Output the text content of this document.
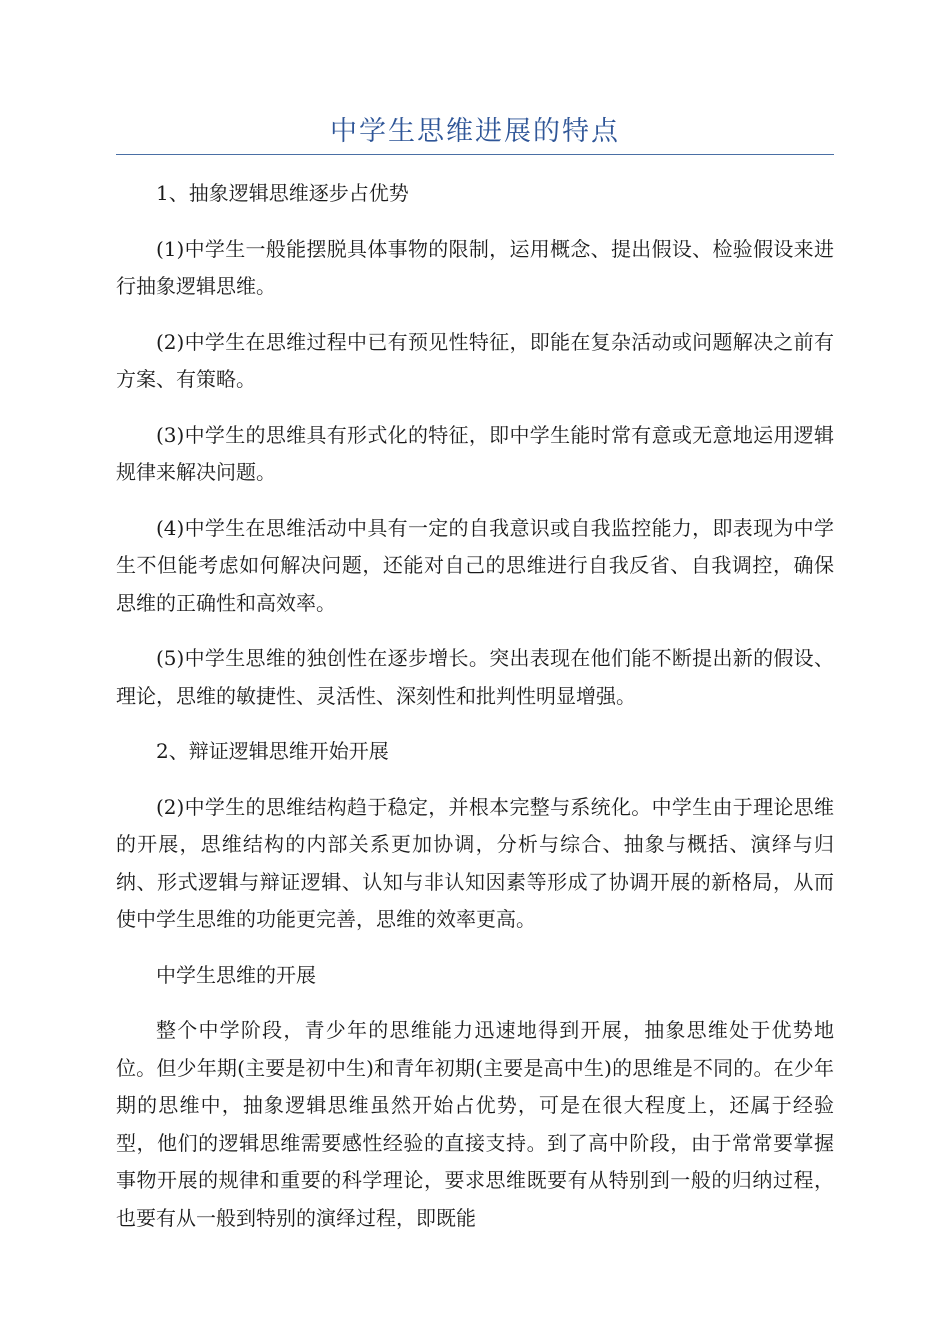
中学生思维进展的特点

1、抽象逻辑思维逐步占优势

(1)中学生一般能摆脱具体事物的限制，运用概念、提出假设、检验假设来进行抽象逻辑思维。

(2)中学生在思维过程中已有预见性特征，即能在复杂活动或问题解决之前有方案、有策略。

(3)中学生的思维具有形式化的特征，即中学生能时常有意或无意地运用逻辑规律来解决问题。

(4)中学生在思维活动中具有一定的自我意识或自我监控能力，即表现为中学生不但能考虑如何解决问题，还能对自己的思维进行自我反省、自我调控，确保思维的正确性和高效率。

(5)中学生思维的独创性在逐步增长。突出表现在他们能不断提出新的假设、理论，思维的敏捷性、灵活性、深刻性和批判性明显增强。

2、辩证逻辑思维开始开展

(2)中学生的思维结构趋于稳定，并根本完整与系统化。中学生由于理论思维的开展，思维结构的内部关系更加协调，分析与综合、抽象与概括、演绎与归纳、形式逻辑与辩证逻辑、认知与非认知因素等形成了协调开展的新格局，从而使中学生思维的功能更完善，思维的效率更高。

中学生思维的开展

整个中学阶段，青少年的思维能力迅速地得到开展，抽象思维处于优势地位。但少年期(主要是初中生)和青年初期(主要是高中生)的思维是不同的。在少年期的思维中，抽象逻辑思维虽然开始占优势，可是在很大程度上，还属于经验型，他们的逻辑思维需要感性经验的直接支持。到了高中阶段，由于常常要掌握事物开展的规律和重要的科学理论，要求思维既要有从特别到一般的归纳过程，也要有从一般到特别的演绎过程，即既能
